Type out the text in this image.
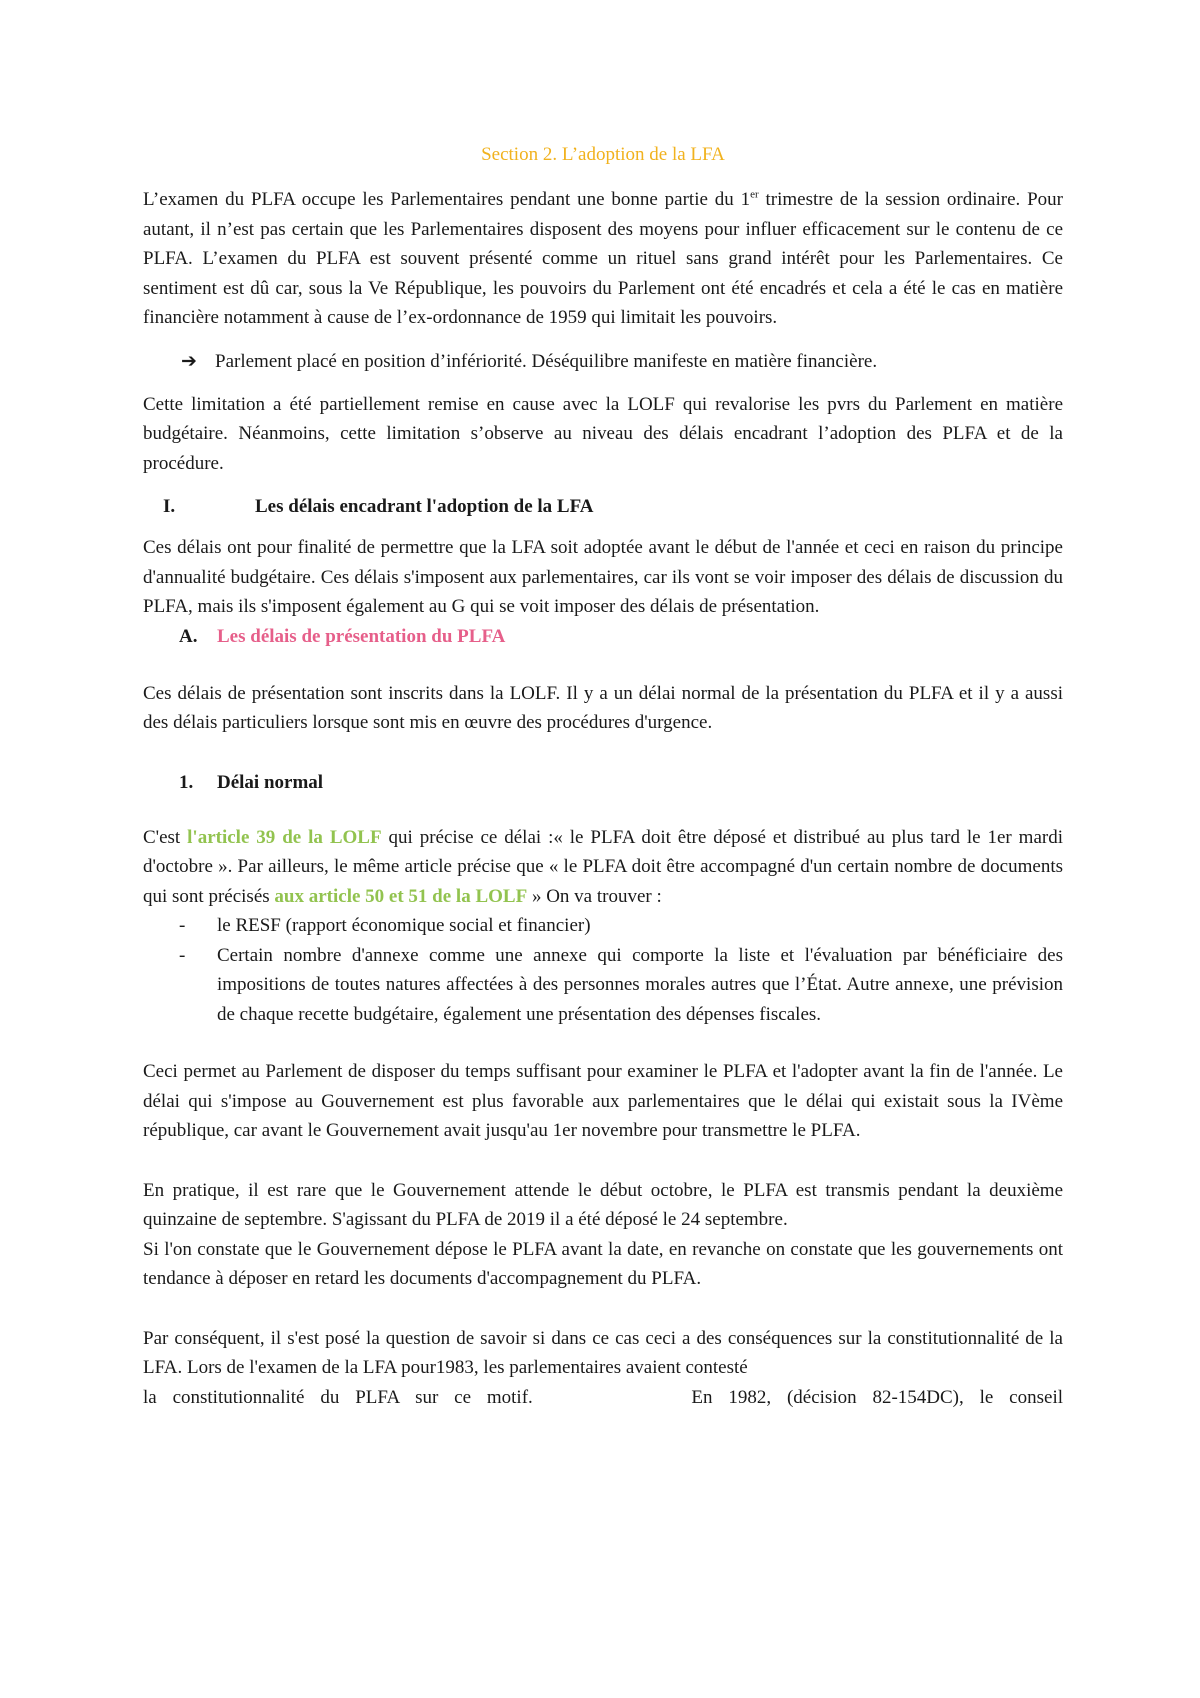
Section 2. L’adoption de la LFA
L’examen du PLFA occupe les Parlementaires pendant une bonne partie du 1er trimestre de la session ordinaire. Pour autant, il n’est pas certain que les Parlementaires disposent des moyens pour influer efficacement sur le contenu de ce PLFA. L’examen du PLFA est souvent présenté comme un rituel sans grand intérêt pour les Parlementaires. Ce sentiment est dû car, sous la Ve République, les pouvoirs du Parlement ont été encadrés et cela a été le cas en matière financière notamment à cause de l’ex-ordonnance de 1959 qui limitait les pouvoirs.
➔ Parlement placé en position d’infériorité. Déséquilibre manifeste en matière financière.
Cette limitation a été partiellement remise en cause avec la LOLF qui revalorise les pvrs du Parlement en matière budgétaire. Néanmoins, cette limitation s’observe au niveau des délais encadrant l’adoption des PLFA et de la procédure.
I.	Les délais encadrant l'adoption de la LFA
Ces délais ont pour finalité de permettre que la LFA soit adoptée avant le début de l'année et ceci en raison du principe d'annualité budgétaire. Ces délais s'imposent aux parlementaires, car ils vont se voir imposer des délais de discussion du PLFA, mais ils s'imposent également au G qui se voit imposer des délais de présentation.
A.	Les délais de présentation du PLFA
Ces délais de présentation sont inscrits dans la LOLF. Il y a un délai normal de la présentation du PLFA et il y a aussi des délais particuliers lorsque sont mis en œuvre des procédures d'urgence.
1.	Délai normal
C'est l'article 39 de la LOLF qui précise ce délai :« le PLFA doit être déposé et distribué au plus tard le 1er mardi d'octobre ». Par ailleurs, le même article précise que « le PLFA doit être accompagné d'un certain nombre de documents qui sont précisés aux article 50 et 51 de la LOLF » On va trouver :
-	le RESF (rapport économique social et financier)
-	Certain nombre d'annexe comme une annexe qui comporte la liste et l'évaluation par bénéficiaire des impositions de toutes natures affectées à des personnes morales autres que l’État. Autre annexe, une prévision de chaque recette budgétaire, également une présentation des dépenses fiscales.
Ceci permet au Parlement de disposer du temps suffisant pour examiner le PLFA et l'adopter avant la fin de l'année. Le délai qui s'impose au Gouvernement est plus favorable aux parlementaires que le délai qui existait sous la IVème république, car avant le Gouvernement avait jusqu'au 1er novembre pour transmettre le PLFA.
En pratique, il est rare que le Gouvernement attende le début octobre, le PLFA est transmis pendant la deuxième quinzaine de septembre. S'agissant du PLFA de 2019 il a été déposé le 24 septembre.
Si l'on constate que le Gouvernement dépose le PLFA avant la date, en revanche on constate que les gouvernements ont tendance à déposer en retard les documents d'accompagnement du PLFA.
Par conséquent, il s'est posé la question de savoir si dans ce cas ceci a des conséquences sur la constitutionnalité de la LFA. Lors de l'examen de la LFA pour1983, les parlementaires avaient contesté
la constitutionnalité du PLFA sur ce motif.          En 1982, (décision 82-154DC), le conseil
